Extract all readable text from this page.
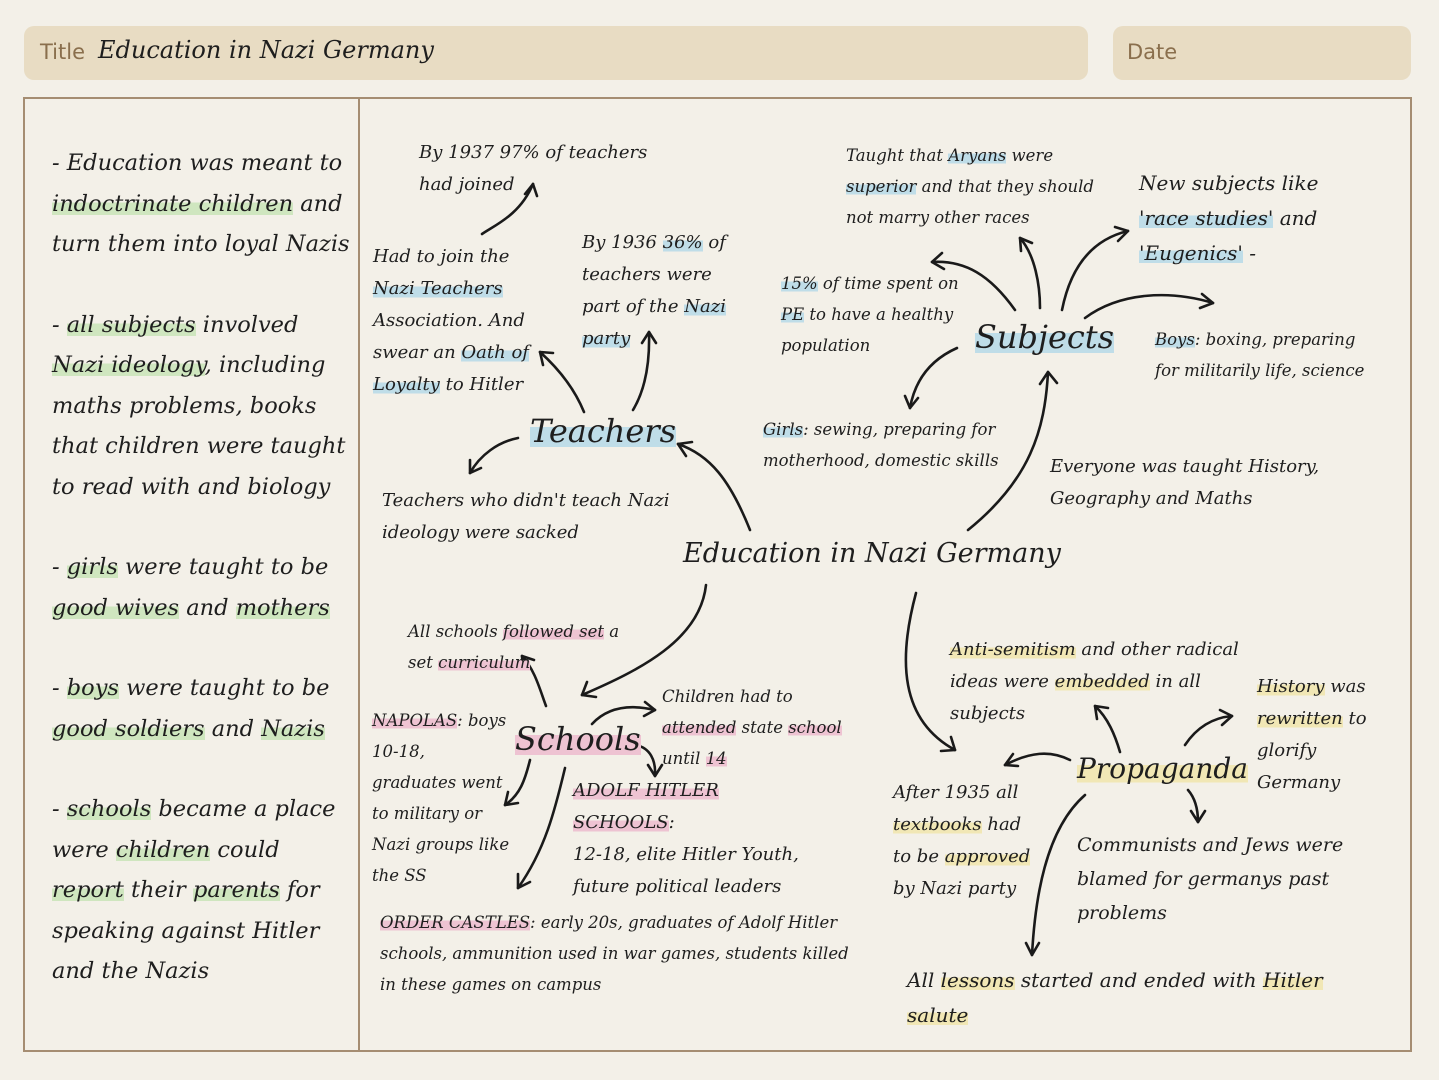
Title Education in Nazi Germany	Date

- Education was meant to indoctrinate children and turn them into loyal Nazis

- all subjects involved Nazi ideology, including maths problems, books that children were taught to read with and biology

- girls were taught to be good wives and mothers

- boys were taught to be good soldiers and Nazis

- schools became a place were children could report their parents for speaking against Hitler and the Nazis

Education in Nazi Germany
Teachers
By 1937 97% of teachers had joined
Had to join the Nazi Teachers Association. And swear an Oath of Loyalty to Hitler
By 1936 36% of teachers were part of the Nazi party
Teachers who didn't teach Nazi ideology were sacked
Subjects
Taught that Aryans were superior and that they should not marry other races
New subjects like 'race studies' and 'Eugenics' -
15% of time spent on PE to have a healthy population	Boys: boxing, preparing for militarily life, science
Girls: sewing, preparing for motherhood, domestic skills	Everyone was taught History, Geography and Maths
Schools
All schools followed set a set curriculum
Children had to attended state school until 14
NAPOLAS: boys 10-18, graduates went to military or Nazi groups like the SS
ADOLF HITLER SCHOOLS:
12-18, elite Hitler Youth, future political leaders
ORDER CASTLES: early 20s, graduates of Adolf Hitler schools, ammunition used in war games, students killed in these games on campus
Propaganda
Anti-semitism and other radical ideas were embedded in all subjects
History was rewritten to glorify Germany
After 1935 all textbooks had to be approved by Nazi party
Communists and Jews were blamed for germanys past problems
All lessons started and ended with Hitler salute
